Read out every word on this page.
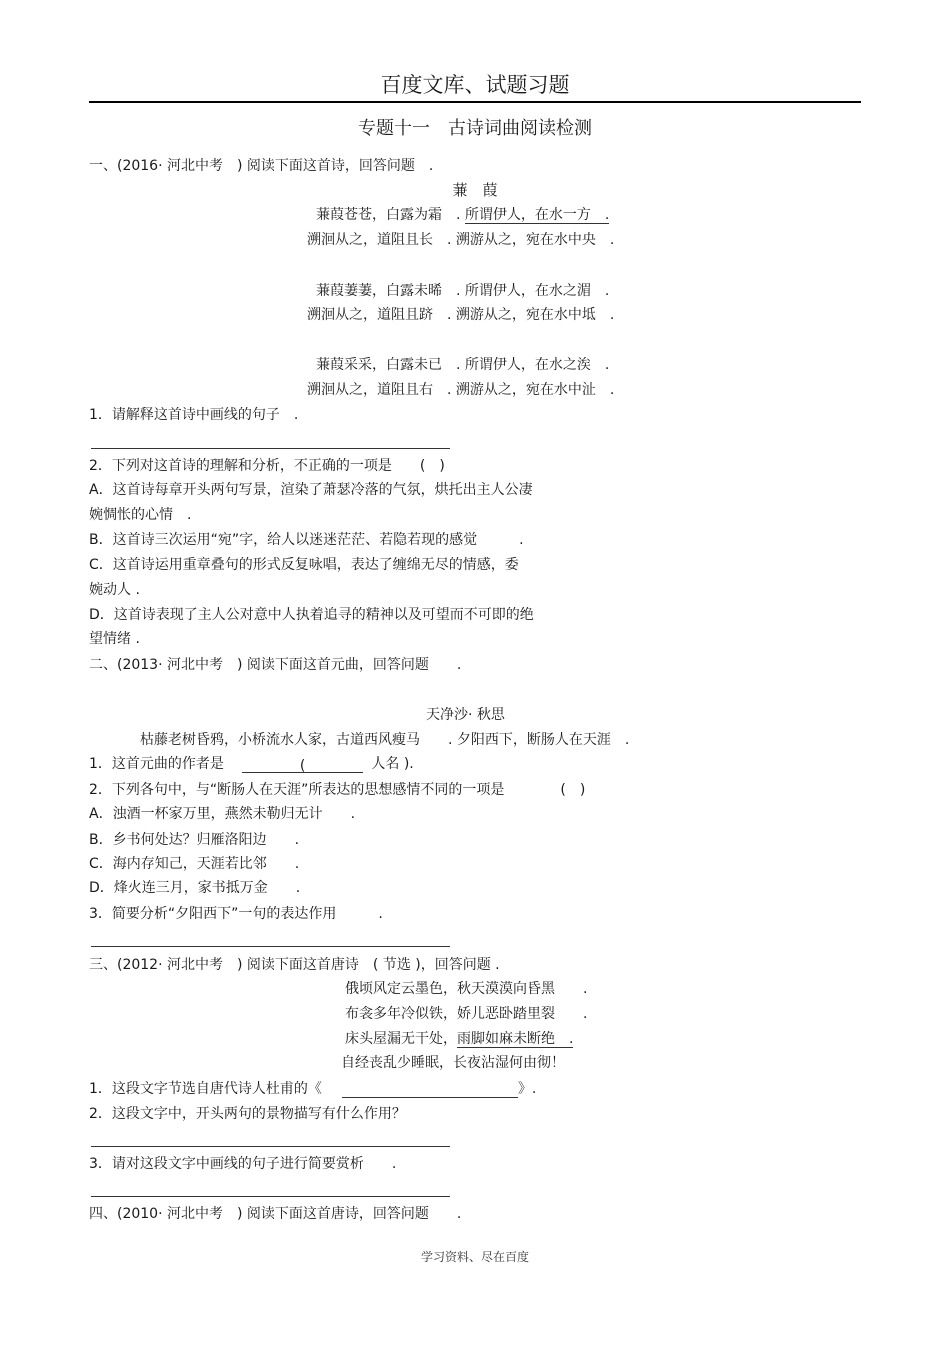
百度文库、试题习题
专题十一　古诗词曲阅读检测
一、(2016· 河北中考　) 阅读下面这首诗，回答问题　.
蒹　葭
蒹葭苍苍，白露为霜　. 所谓伊人，在水一方　.
溯洄从之，道阻且长　. 溯游从之，宛在水中央　.
蒹葭萋萋，白露未晞　. 所谓伊人，在水之湄　.
溯洄从之，道阻且跻　. 溯游从之，宛在水中坻　.
蒹葭采采，白露未已　. 所谓伊人，在水之涘　.
溯洄从之，道阻且右　. 溯游从之，宛在水中沚　.
1．请解释这首诗中画线的句子　.
2．下列对这首诗的理解和分析，不正确的一项是　　(　)
A．这首诗每章开头两句写景，渲染了萧瑟冷落的气氛，烘托出主人公凄
婉惆怅的心情　.
B．这首诗三次运用“宛”字，给人以迷迷茫茫、若隐若现的感觉　　　.
C．这首诗运用重章叠句的形式反复咏唱，表达了缠绵无尽的情感，委
婉动人 .
D．这首诗表现了主人公对意中人执着追寻的精神以及可望而不可即的绝
望情绪 .
二、(2013· 河北中考　) 阅读下面这首元曲，回答问题　　.
天净沙· 秋思
枯藤老树昏鸦，小桥流水人家，古道西风瘦马　　. 夕阳西下，断肠人在天涯　.
1．这首元曲的作者是	(	人名 ).
2．下列各句中，与“断肠人在天涯”所表达的思想感情不同的一项是　　　　(　)
A．浊酒一杯家万里，燕然未勒归无计　　.
B．乡书何处达？归雁洛阳边　　.
C．海内存知己，天涯若比邻　　.
D．烽火连三月，家书抵万金　　.
3．简要分析“夕阳西下”一句的表达作用　　　.
三、(2012· 河北中考　) 阅读下面这首唐诗　( 节选 )，回答问题 .
俄顷风定云墨色，秋天漠漠向昏黑　　.
布衾多年冷似铁，娇儿恶卧踏里裂　　.
床头屋漏无干处，雨脚如麻未断绝　.
自经丧乱少睡眠，长夜沾湿何由彻！
1．这段文字节选自唐代诗人杜甫的《	》.
2．这段文字中，开头两句的景物描写有什么作用？
3．请对这段文字中画线的句子进行简要赏析　　.
四、(2010· 河北中考　) 阅读下面这首唐诗，回答问题　　.
学习资料、尽在百度
